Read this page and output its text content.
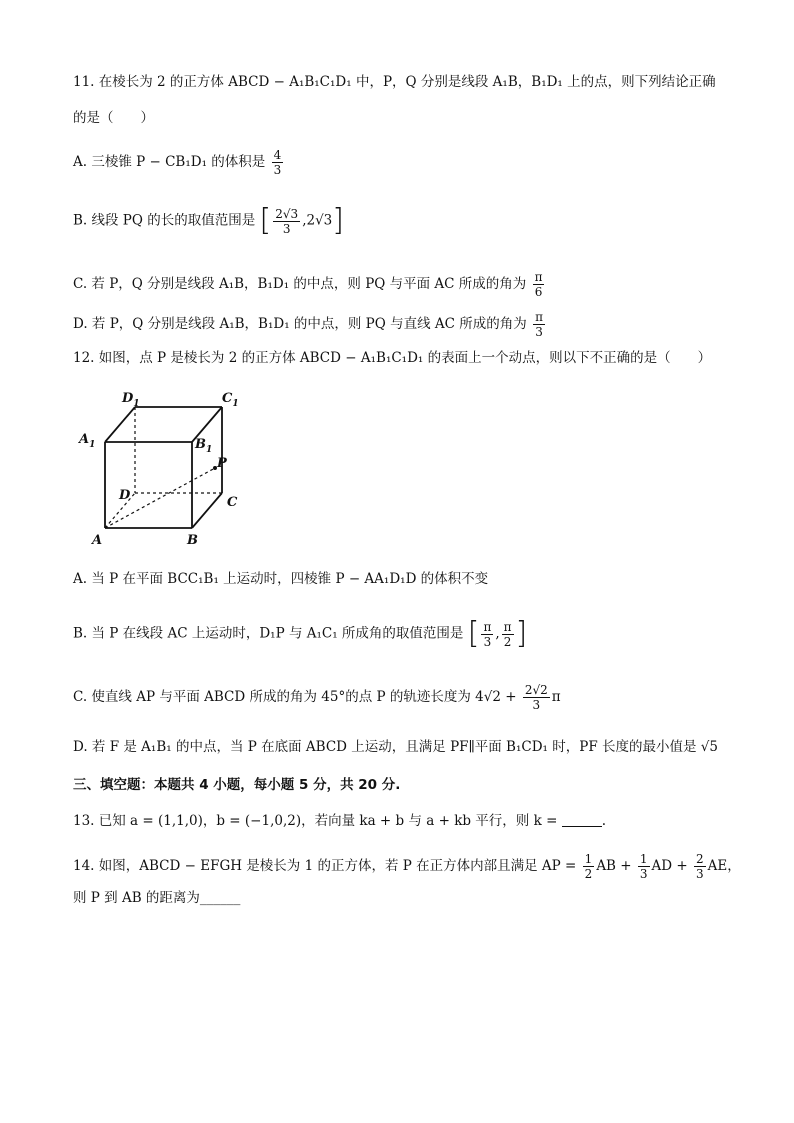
11. 在棱长为 2 的正方体 ABCD − A₁B₁C₁D₁ 中，P，Q 分别是线段 A₁B，B₁D₁ 上的点，则下列结论正确
的是（　　）
A. 三棱锥 P − CB₁D₁ 的体积是 $\frac{4}{3}$
B. 线段 PQ 的长的取值范围是 [ $\frac{2√3}{3} ,2√3$]
C. 若 P，Q 分别是线段 A₁B，B₁D₁ 的中点，则 PQ 与平面 AC 所成的角为 $\frac{\pi}{6}$
D. 若 P，Q 分别是线段 A₁B，B₁D₁ 的中点，则 PQ 与直线 AC 所成的角为 $\frac{\pi}{3}$
12. 如图，点 P 是棱长为 2 的正方体 ABCD − A₁B₁C₁D₁ 的表面上一个动点，则以下不正确的是（　　）
$D_1$	$C_1$
$A_1$	$B_1$
P
D	C
A	B
A. 当 P 在平面 BCC₁B₁ 上运动时，四棱锥 P − AA₁D₁D 的体积不变
B. 当 P 在线段 AC 上运动时，D₁P 与 A₁C₁ 所成角的取值范围是 [ $\frac{\pi}{3}$ , $\frac{\pi}{2}$ ]
C. 使直线 AP 与平面 ABCD 所成的角为 45°的点 P 的轨迹长度为 $4√2 + \frac{2√2}{3}$ π
D. 若 F 是 A₁B₁ 的中点，当 P 在底面 ABCD 上运动，且满足 PF∥平面 B₁CD₁ 时，PF 长度的最小值是 √5
三、填空题：本题共 4 小题，每小题 5 分，共 20 分.
13. 已知 a = (1,1,0)，b = (−1,0,2)，若向量 ka + b 与 a + kb 平行，则 k =	.
14. 如图，ABCD − EFGH 是棱长为 1 的正方体，若 P 在正方体内部且满足 AP = $\frac{1}{2}$ AB + $\frac{1}{3}$ AD + $\frac{2}{3}$ AE，
则 P 到 AB 的距离为______
